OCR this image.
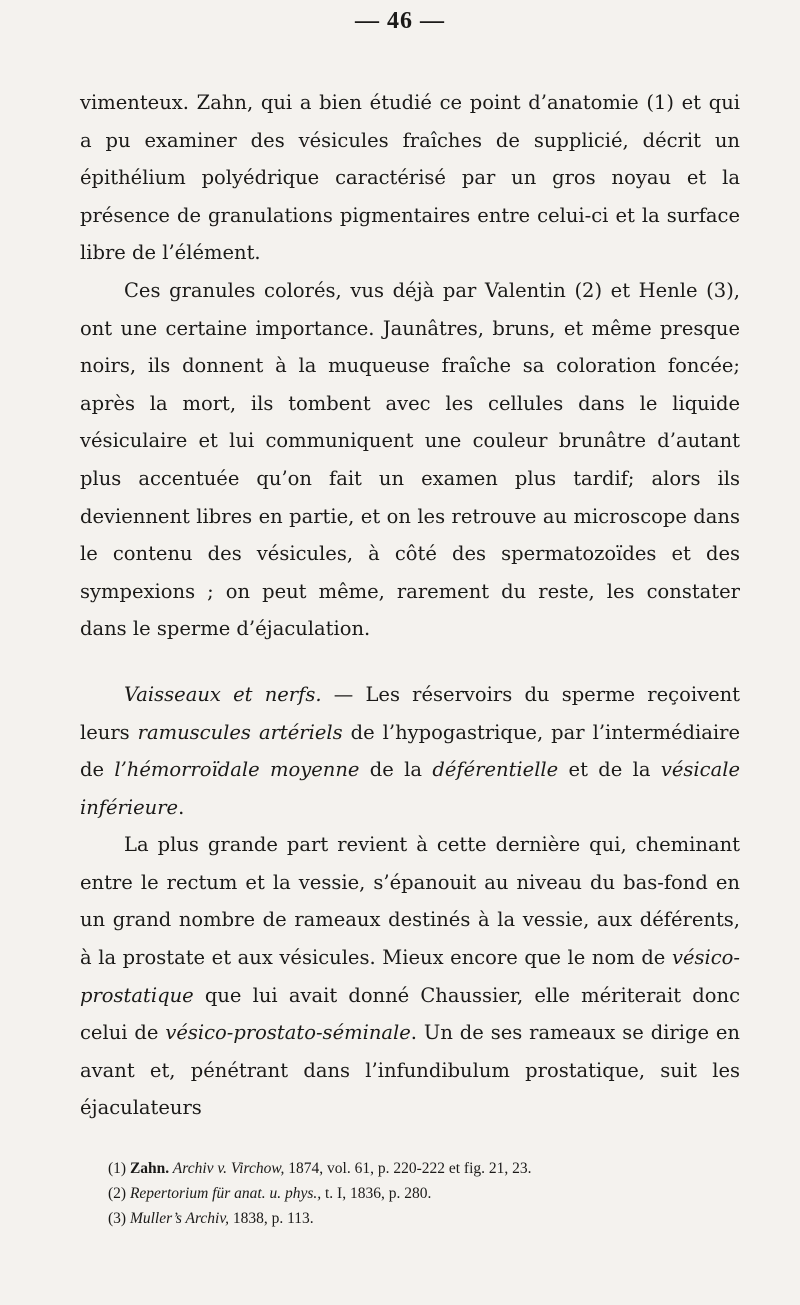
— 46 —

vimenteux. Zahn, qui a bien étudié ce point d’anatomie (1) et qui a pu examiner des vésicules fraîches de supplicié, décrit un épithélium polyédrique caractérisé par un gros noyau et la présence de granulations pigmentaires entre celui-ci et la surface libre de l’élément.

Ces granules colorés, vus déjà par Valentin (2) et Henle (3), ont une certaine importance. Jaunâtres, bruns, et même presque noirs, ils donnent à la muqueuse fraîche sa coloration foncée; après la mort, ils tombent avec les cellules dans le liquide vésiculaire et lui communiquent une couleur brunâtre d’autant plus accentuée qu’on fait un examen plus tardif; alors ils deviennent libres en partie, et on les retrouve au microscope dans le contenu des vésicules, à côté des spermatozoïdes et des sympexions ; on peut même, rarement du reste, les constater dans le sperme d’éjaculation.

Vaisseaux et nerfs. — Les réservoirs du sperme reçoivent leurs ramuscules artériels de l’hypogastrique, par l’intermédiaire de l’hémorroïdale moyenne de la déférentielle et de la vésicale inférieure.

La plus grande part revient à cette dernière qui, cheminant entre le rectum et la vessie, s’épanouit au niveau du bas-fond en un grand nombre de rameaux destinés à la vessie, aux déférents, à la prostate et aux vésicules. Mieux encore que le nom de vésico-prostatique que lui avait donné Chaussier, elle mériterait donc celui de vésico-prostato-séminale. Un de ses rameaux se dirige en avant et, pénétrant dans l’infundibulum prostatique, suit les éjaculateurs

(1) Zahn. Archiv v. Virchow, 1874, vol. 61, p. 220-222 et fig. 21, 23.

(2) Repertorium für anat. u. phys., t. I, 1836, p. 280.

(3) Muller’s Archiv, 1838, p. 113.
